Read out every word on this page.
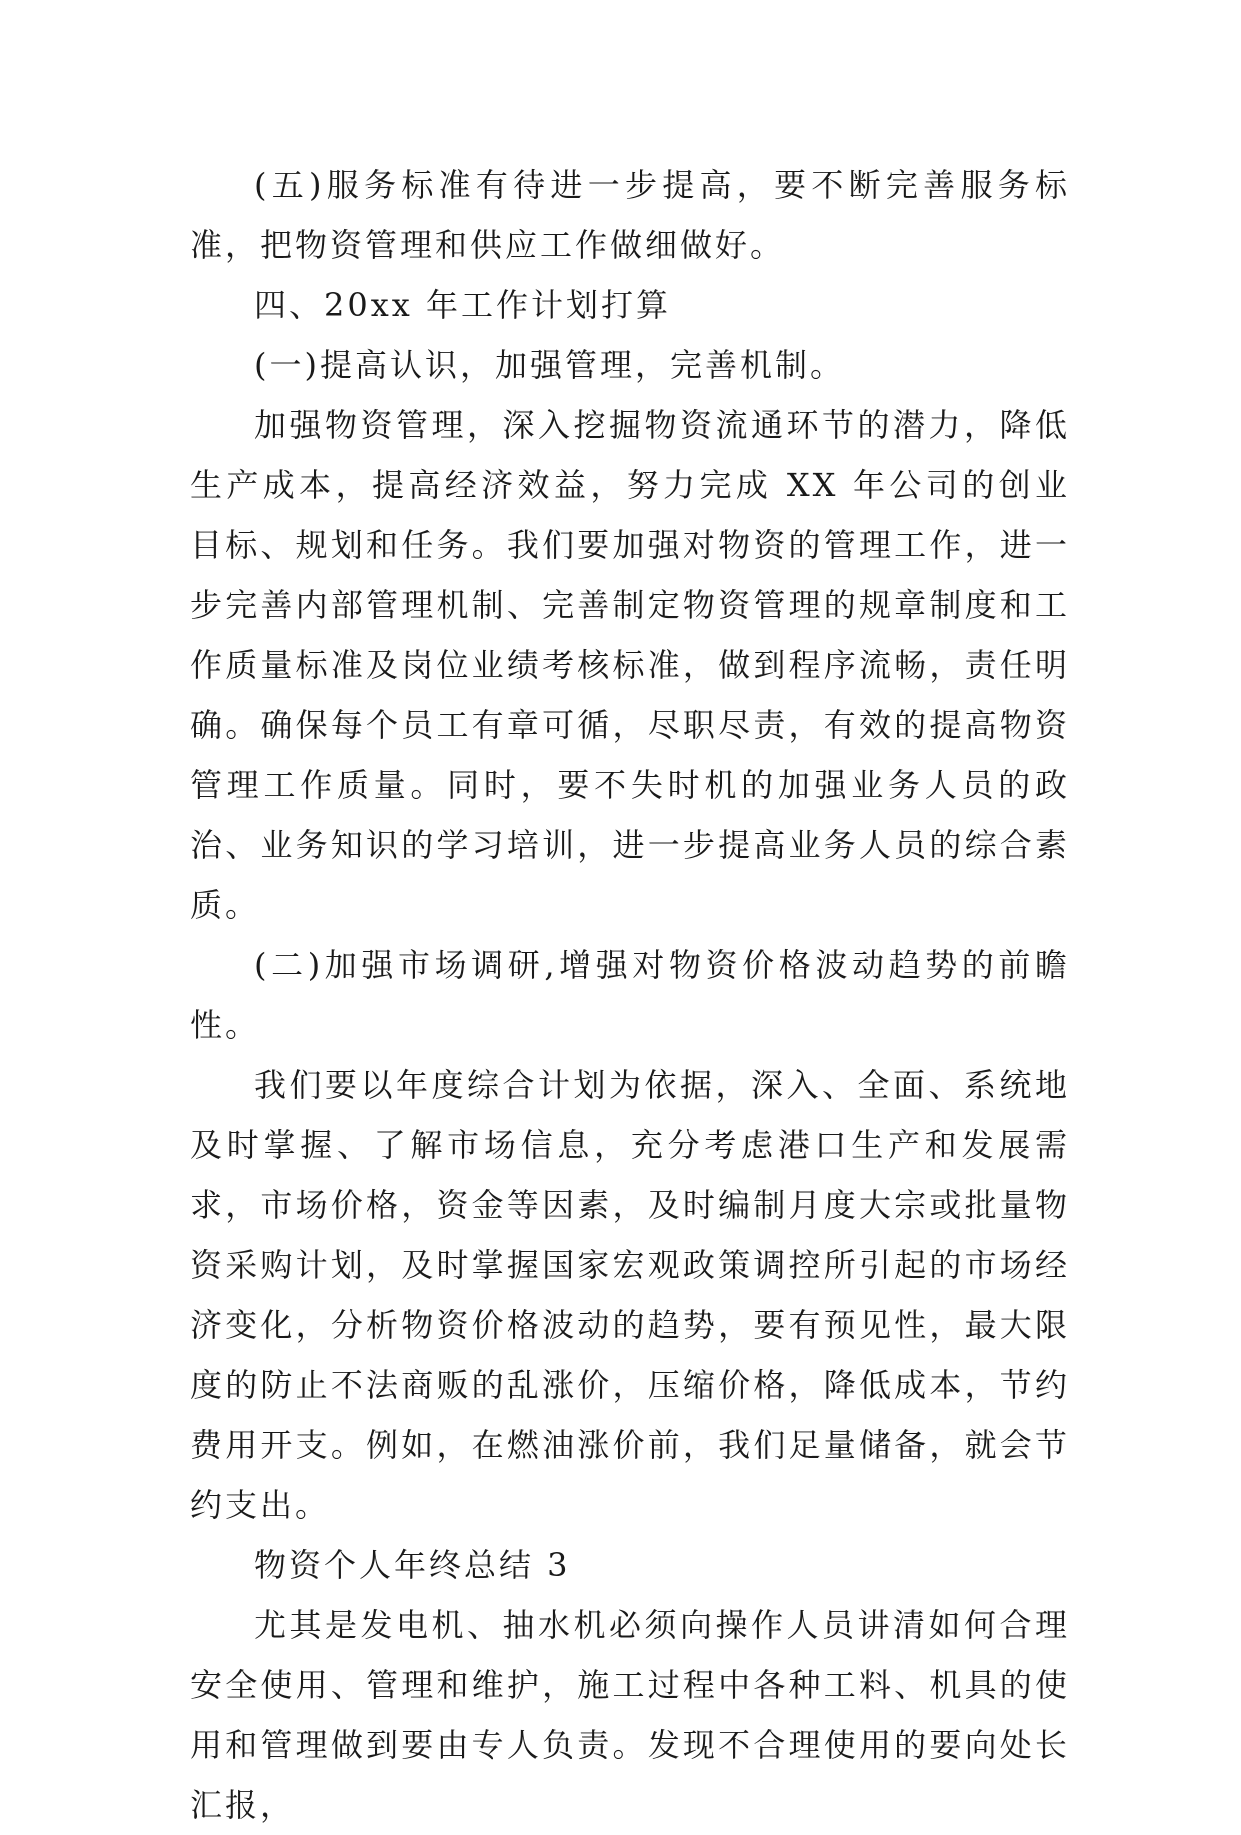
(五)服务标准有待进一步提高，要不断完善服务标准，把物资管理和供应工作做细做好。

四、20xx 年工作计划打算

(一)提高认识，加强管理，完善机制。

加强物资管理，深入挖掘物资流通环节的潜力，降低生产成本，提高经济效益，努力完成 XX 年公司的创业目标、规划和任务。我们要加强对物资的管理工作，进一步完善内部管理机制、完善制定物资管理的规章制度和工作质量标准及岗位业绩考核标准，做到程序流畅，责任明确。确保每个员工有章可循，尽职尽责，有效的提高物资管理工作质量。同时，要不失时机的加强业务人员的政治、业务知识的学习培训，进一步提高业务人员的综合素质。

(二)加强市场调研,增强对物资价格波动趋势的前瞻性。

我们要以年度综合计划为依据，深入、全面、系统地及时掌握、了解市场信息，充分考虑港口生产和发展需求，市场价格，资金等因素，及时编制月度大宗或批量物资采购计划，及时掌握国家宏观政策调控所引起的市场经济变化，分析物资价格波动的趋势，要有预见性，最大限度的防止不法商贩的乱涨价，压缩价格，降低成本，节约费用开支。例如，在燃油涨价前，我们足量储备，就会节约支出。

物资个人年终总结 3

尤其是发电机、抽水机必须向操作人员讲清如何合理安全使用、管理和维护，施工过程中各种工料、机具的使用和管理做到要由专人负责。发现不合理使用的要向处长汇报，
